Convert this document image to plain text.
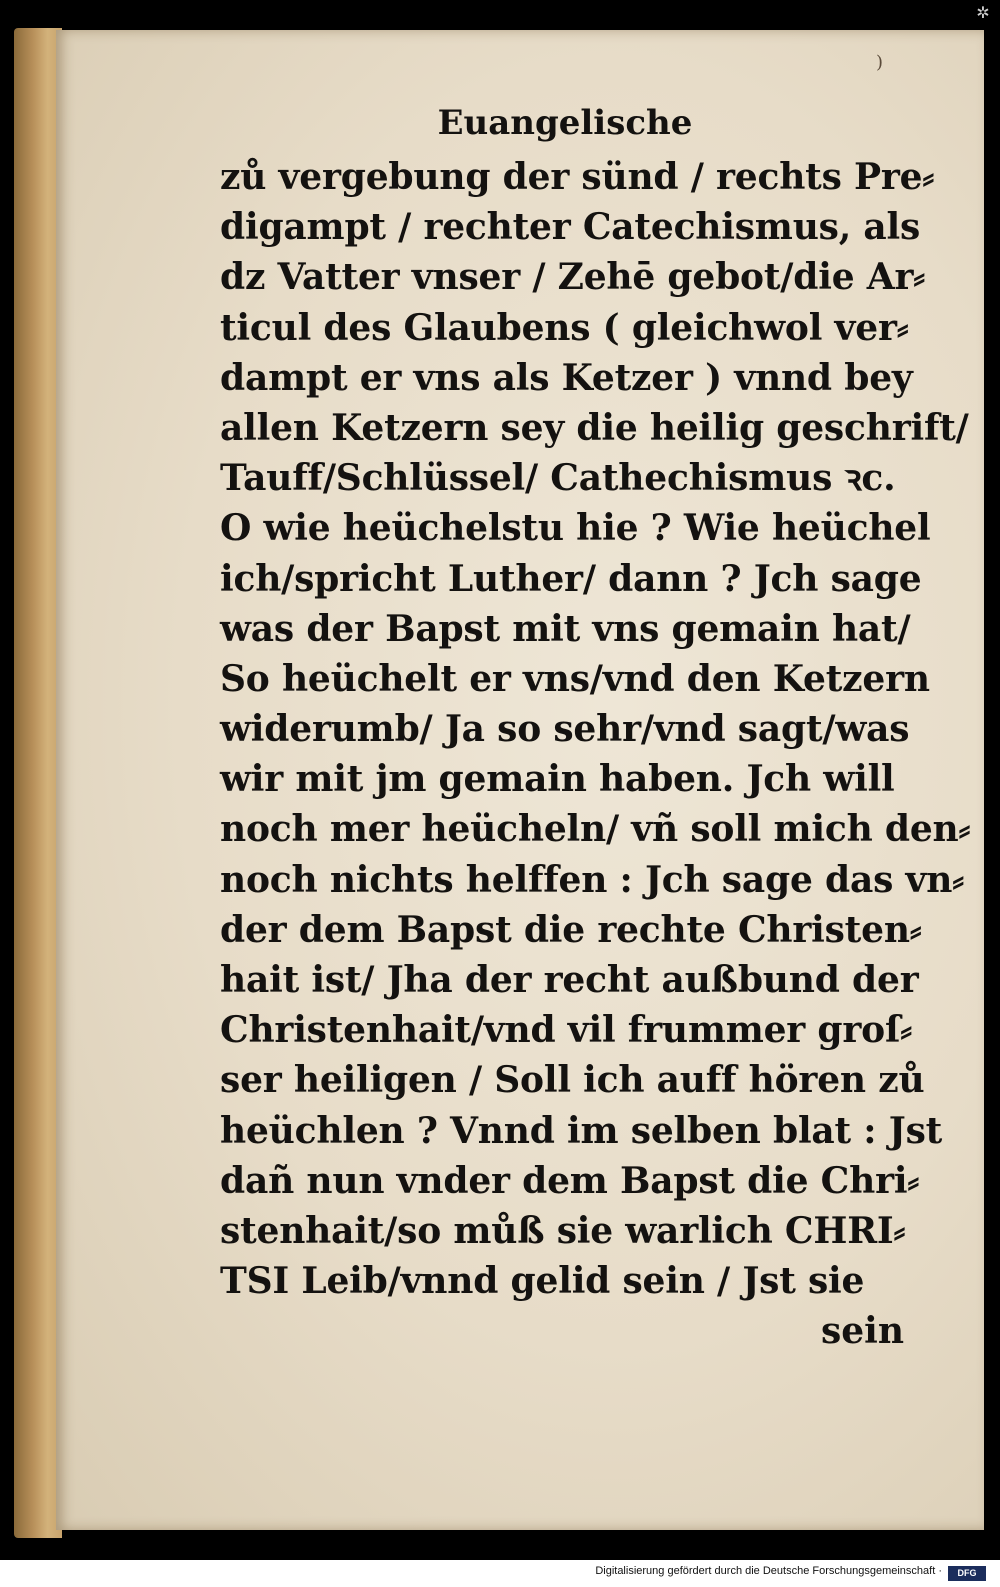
)
Euangelische
zů vergebung der sünd / rechts Pre⸗
digampt / rechter Catechismus, als
dz Vatter vnser / Zehē gebot/die Ar⸗
ticul des Glaubens ( gleichwol ver⸗
dampt er vns als Ketzer ) vnnd bey
allen Ketzern sey die heilig geschrift/
Tauff/Schlüssel/ Cathechismus ꝛc.
O wie heüchelstu hie ? Wie heüchel
ich/spricht Luther/ dann ? Jch sage
was der Bapst mit vns gemain hat/
So heüchelt er vns/vnd den Ketzern
widerumb/ Ja so sehr/vnd sagt/was
wir mit jm gemain haben. Jch will
noch mer heücheln/ vñ soll mich den⸗
noch nichts helffen : Jch sage das vn⸗
der dem Bapst die rechte Christen⸗
hait ist/ Jha der recht außbund der
Christenhait/vnd vil frummer groſ⸗
ser heiligen / Soll ich auff hören zů
heüchlen ? Vnnd im selben blat : Jst
dañ nun vnder dem Bapst die Chri⸗
stenhait/so můß sie warlich CHRI⸗
TSI Leib/vnnd gelid sein / Jst sie
sein
✲
Digitalisierung gefördert durch die Deutsche Forschungsgemeinschaft ·	DFG
